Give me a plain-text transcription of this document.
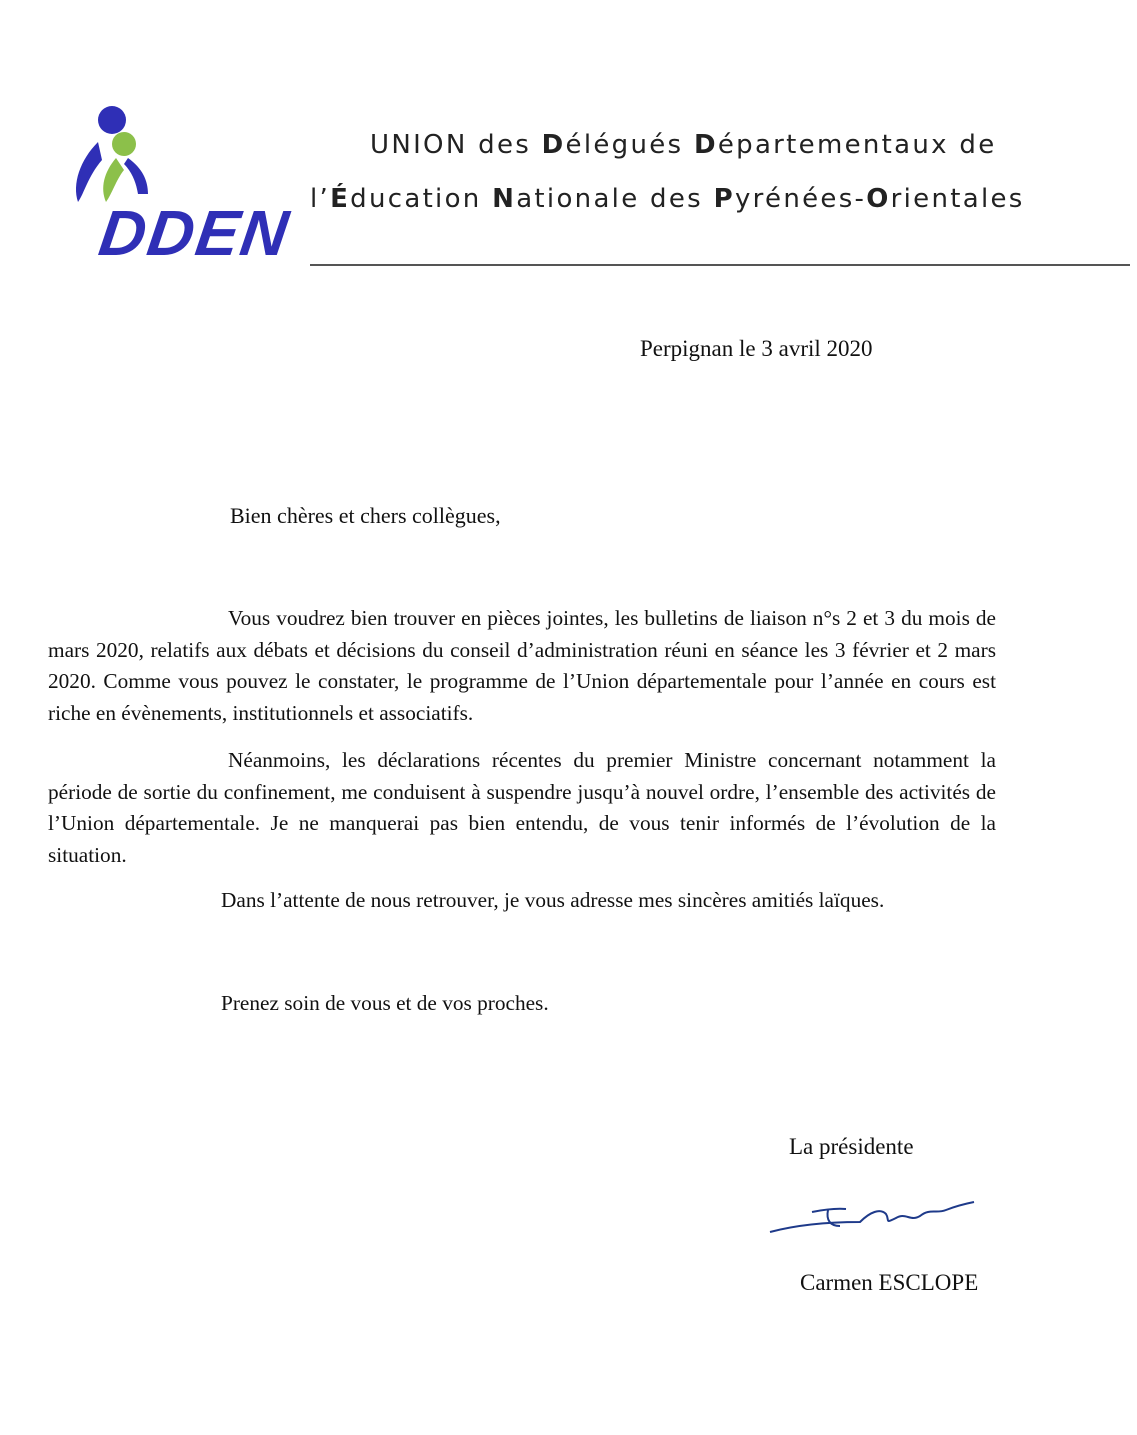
DDEN
UNION des Délégués Départementaux de
l’Éducation Nationale des Pyrénées-Orientales
Perpignan le 3 avril 2020
Bien chères et chers collègues,

Vous voudrez bien trouver en pièces jointes, les bulletins de liaison n°s 2 et 3 du mois de mars 2020, relatifs aux débats et décisions du conseil d’administration réuni en séance les 3 février et 2 mars 2020. Comme vous pouvez le constater, le programme de l’Union départementale pour l’année en cours est riche en évènements, institutionnels et associatifs.

Néanmoins, les déclarations récentes du premier Ministre concernant notamment la période de sortie du confinement, me conduisent à suspendre jusqu’à nouvel ordre, l’ensemble des activités de l’Union départementale. Je ne manquerai pas bien entendu, de vous tenir informés de l’évolution de la situation.

Dans l’attente de nous retrouver, je vous adresse mes sincères amitiés laïques.
Prenez soin de vous et de vos proches.
La présidente
Carmen ESCLOPE
